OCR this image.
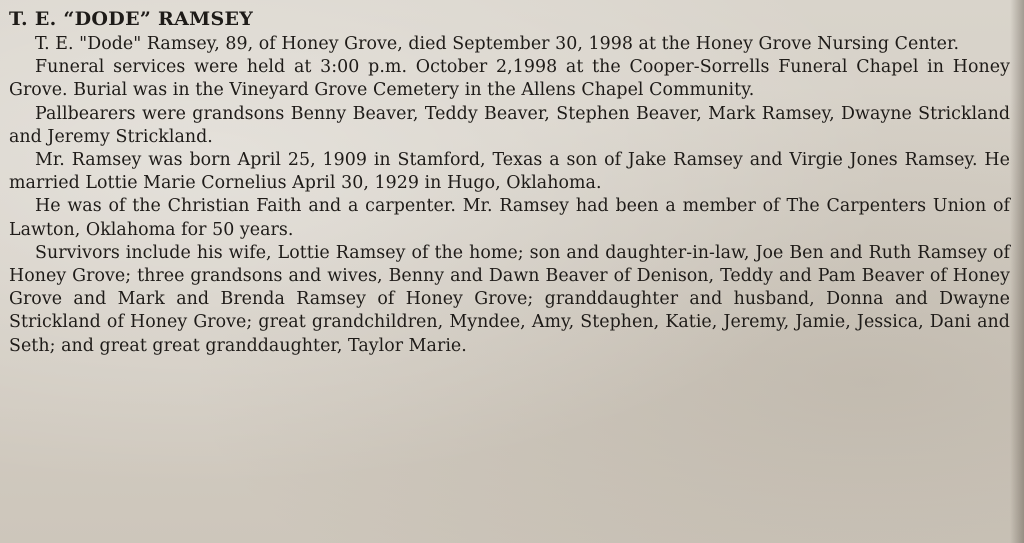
T. E. “DODE” RAMSEY

T. E. "Dode" Ramsey, 89, of Honey Grove, died September 30, 1998 at the Honey Grove Nursing Center.

Funeral services were held at 3:00 p.m. October 2,1998 at the Cooper-Sorrells Funeral Chapel in Honey Grove. Burial was in the Vineyard Grove Cemetery in the Allens Chapel Community.

Pallbearers were grandsons Benny Beaver, Teddy Beaver, Stephen Beaver, Mark Ramsey, Dwayne Strickland and Jeremy Strickland.

Mr. Ramsey was born April 25, 1909 in Stamford, Texas a son of Jake Ramsey and Virgie Jones Ramsey. He married Lottie Marie Cornelius April 30, 1929 in Hugo, Oklahoma.

He was of the Christian Faith and a carpenter. Mr. Ramsey had been a member of The Carpenters Union of Lawton, Oklahoma for 50 years.

Survivors include his wife, Lottie Ramsey of the home; son and daughter-in-law, Joe Ben and Ruth Ramsey of Honey Grove; three grandsons and wives, Benny and Dawn Beaver of Denison, Teddy and Pam Beaver of Honey Grove and Mark and Brenda Ramsey of Honey Grove; granddaughter and husband, Donna and Dwayne Strickland of Honey Grove; great grandchildren, Myndee, Amy, Stephen, Katie, Jeremy, Jamie, Jessica, Dani and Seth; and great great granddaughter, Taylor Marie.
